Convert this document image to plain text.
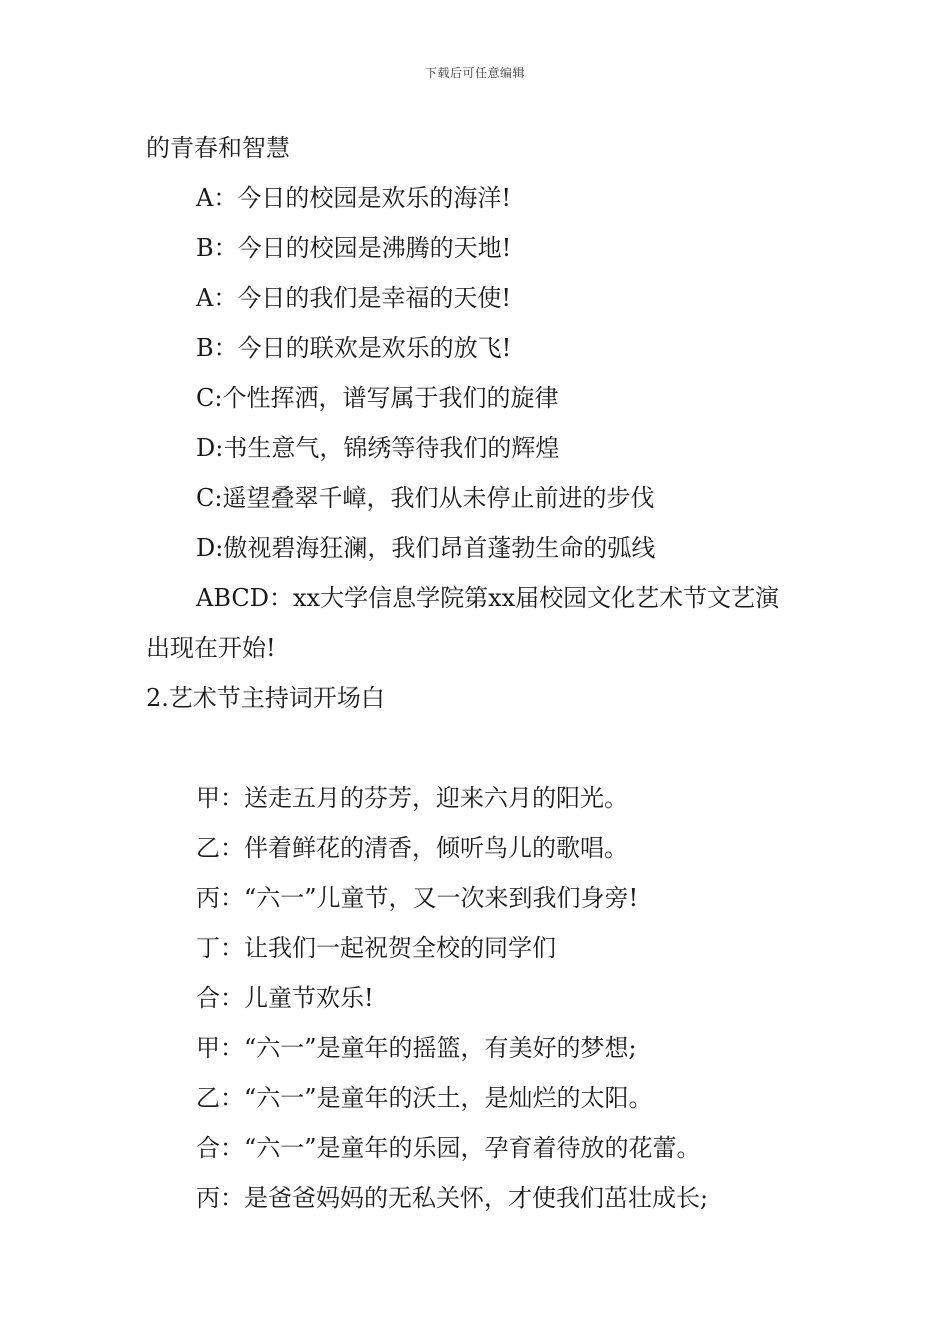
下载后可任意编辑
的青春和智慧
A：今日的校园是欢乐的海洋!
B：今日的校园是沸腾的天地!
A：今日的我们是幸福的天使!
B：今日的联欢是欢乐的放飞!
C:个性挥洒，谱写属于我们的旋律
D:书生意气，锦绣等待我们的辉煌
C:遥望叠翠千嶂，我们从未停止前进的步伐
D:傲视碧海狂澜，我们昂首蓬勃生命的弧线
ABCD：xx大学信息学院第xx届校园文化艺术节文艺演
出现在开始!
2.艺术节主持词开场白
甲：送走五月的芬芳，迎来六月的阳光。
乙：伴着鲜花的清香，倾听鸟儿的歌唱。
丙：“六一”儿童节，又一次来到我们身旁!
丁：让我们一起祝贺全校的同学们
合：儿童节欢乐!
甲：“六一”是童年的摇篮，有美好的梦想;
乙：“六一”是童年的沃土，是灿烂的太阳。
合：“六一”是童年的乐园，孕育着待放的花蕾。
丙：是爸爸妈妈的无私关怀，才使我们茁壮成长;
